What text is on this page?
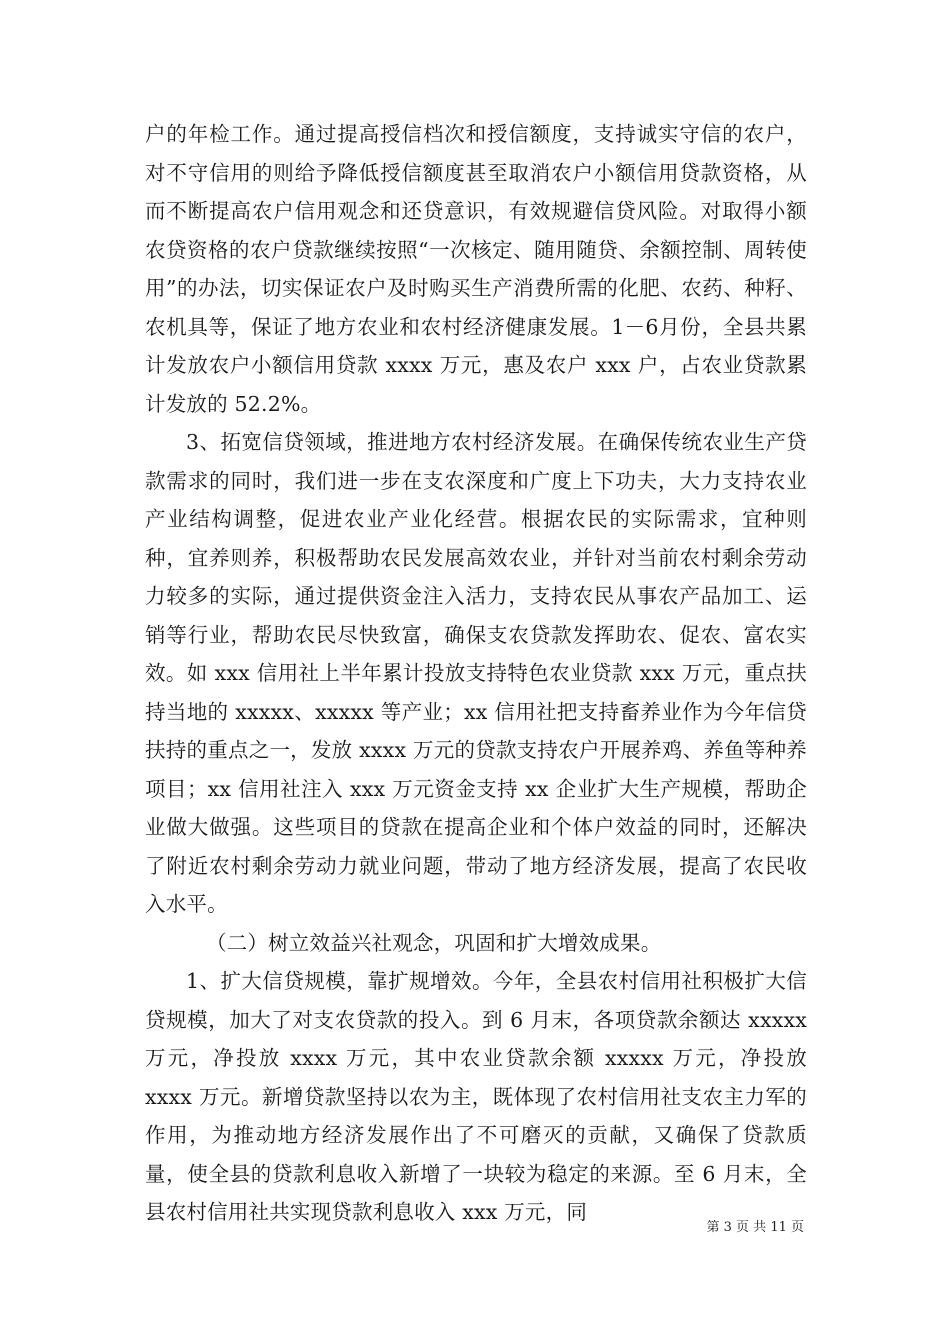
户的年检工作。通过提高授信档次和授信额度，支持诚实守信的农户，对不守信用的则给予降低授信额度甚至取消农户小额信用贷款资格，从而不断提高农户信用观念和还贷意识，有效规避信贷风险。对取得小额农贷资格的农户贷款继续按照“一次核定、随用随贷、余额控制、周转使用”的办法，切实保证农户及时购买生产消费所需的化肥、农药、种籽、农机具等，保证了地方农业和农村经济健康发展。1－6月份，全县共累计发放农户小额信用贷款 xxxx 万元，惠及农户 xxx 户，占农业贷款累计发放的 52.2%。

3、拓宽信贷领域，推进地方农村经济发展。在确保传统农业生产贷款需求的同时，我们进一步在支农深度和广度上下功夫，大力支持农业产业结构调整，促进农业产业化经营。根据农民的实际需求，宜种则种，宜养则养，积极帮助农民发展高效农业，并针对当前农村剩余劳动力较多的实际，通过提供资金注入活力，支持农民从事农产品加工、运销等行业，帮助农民尽快致富，确保支农贷款发挥助农、促农、富农实效。如 xxx 信用社上半年累计投放支持特色农业贷款 xxx 万元，重点扶持当地的 xxxxx、xxxxx 等产业；xx 信用社把支持畜养业作为今年信贷扶持的重点之一，发放 xxxx 万元的贷款支持农户开展养鸡、养鱼等种养项目；xx 信用社注入 xxx 万元资金支持 xx 企业扩大生产规模，帮助企业做大做强。这些项目的贷款在提高企业和个体户效益的同时，还解决了附近农村剩余劳动力就业问题，带动了地方经济发展，提高了农民收入水平。

（二）树立效益兴社观念，巩固和扩大增效成果。

1、扩大信贷规模，靠扩规增效。今年，全县农村信用社积极扩大信贷规模，加大了对支农贷款的投入。到 6 月末，各项贷款余额达 xxxxx 万元，净投放 xxxx 万元，其中农业贷款余额 xxxxx 万元，净投放 xxxx 万元。新增贷款坚持以农为主，既体现了农村信用社支农主力军的作用，为推动地方经济发展作出了不可磨灭的贡献，又确保了贷款质量，使全县的贷款利息收入新增了一块较为稳定的来源。至 6 月末，全县农村信用社共实现贷款利息收入 xxx 万元，同

第 3 页 共 11 页
